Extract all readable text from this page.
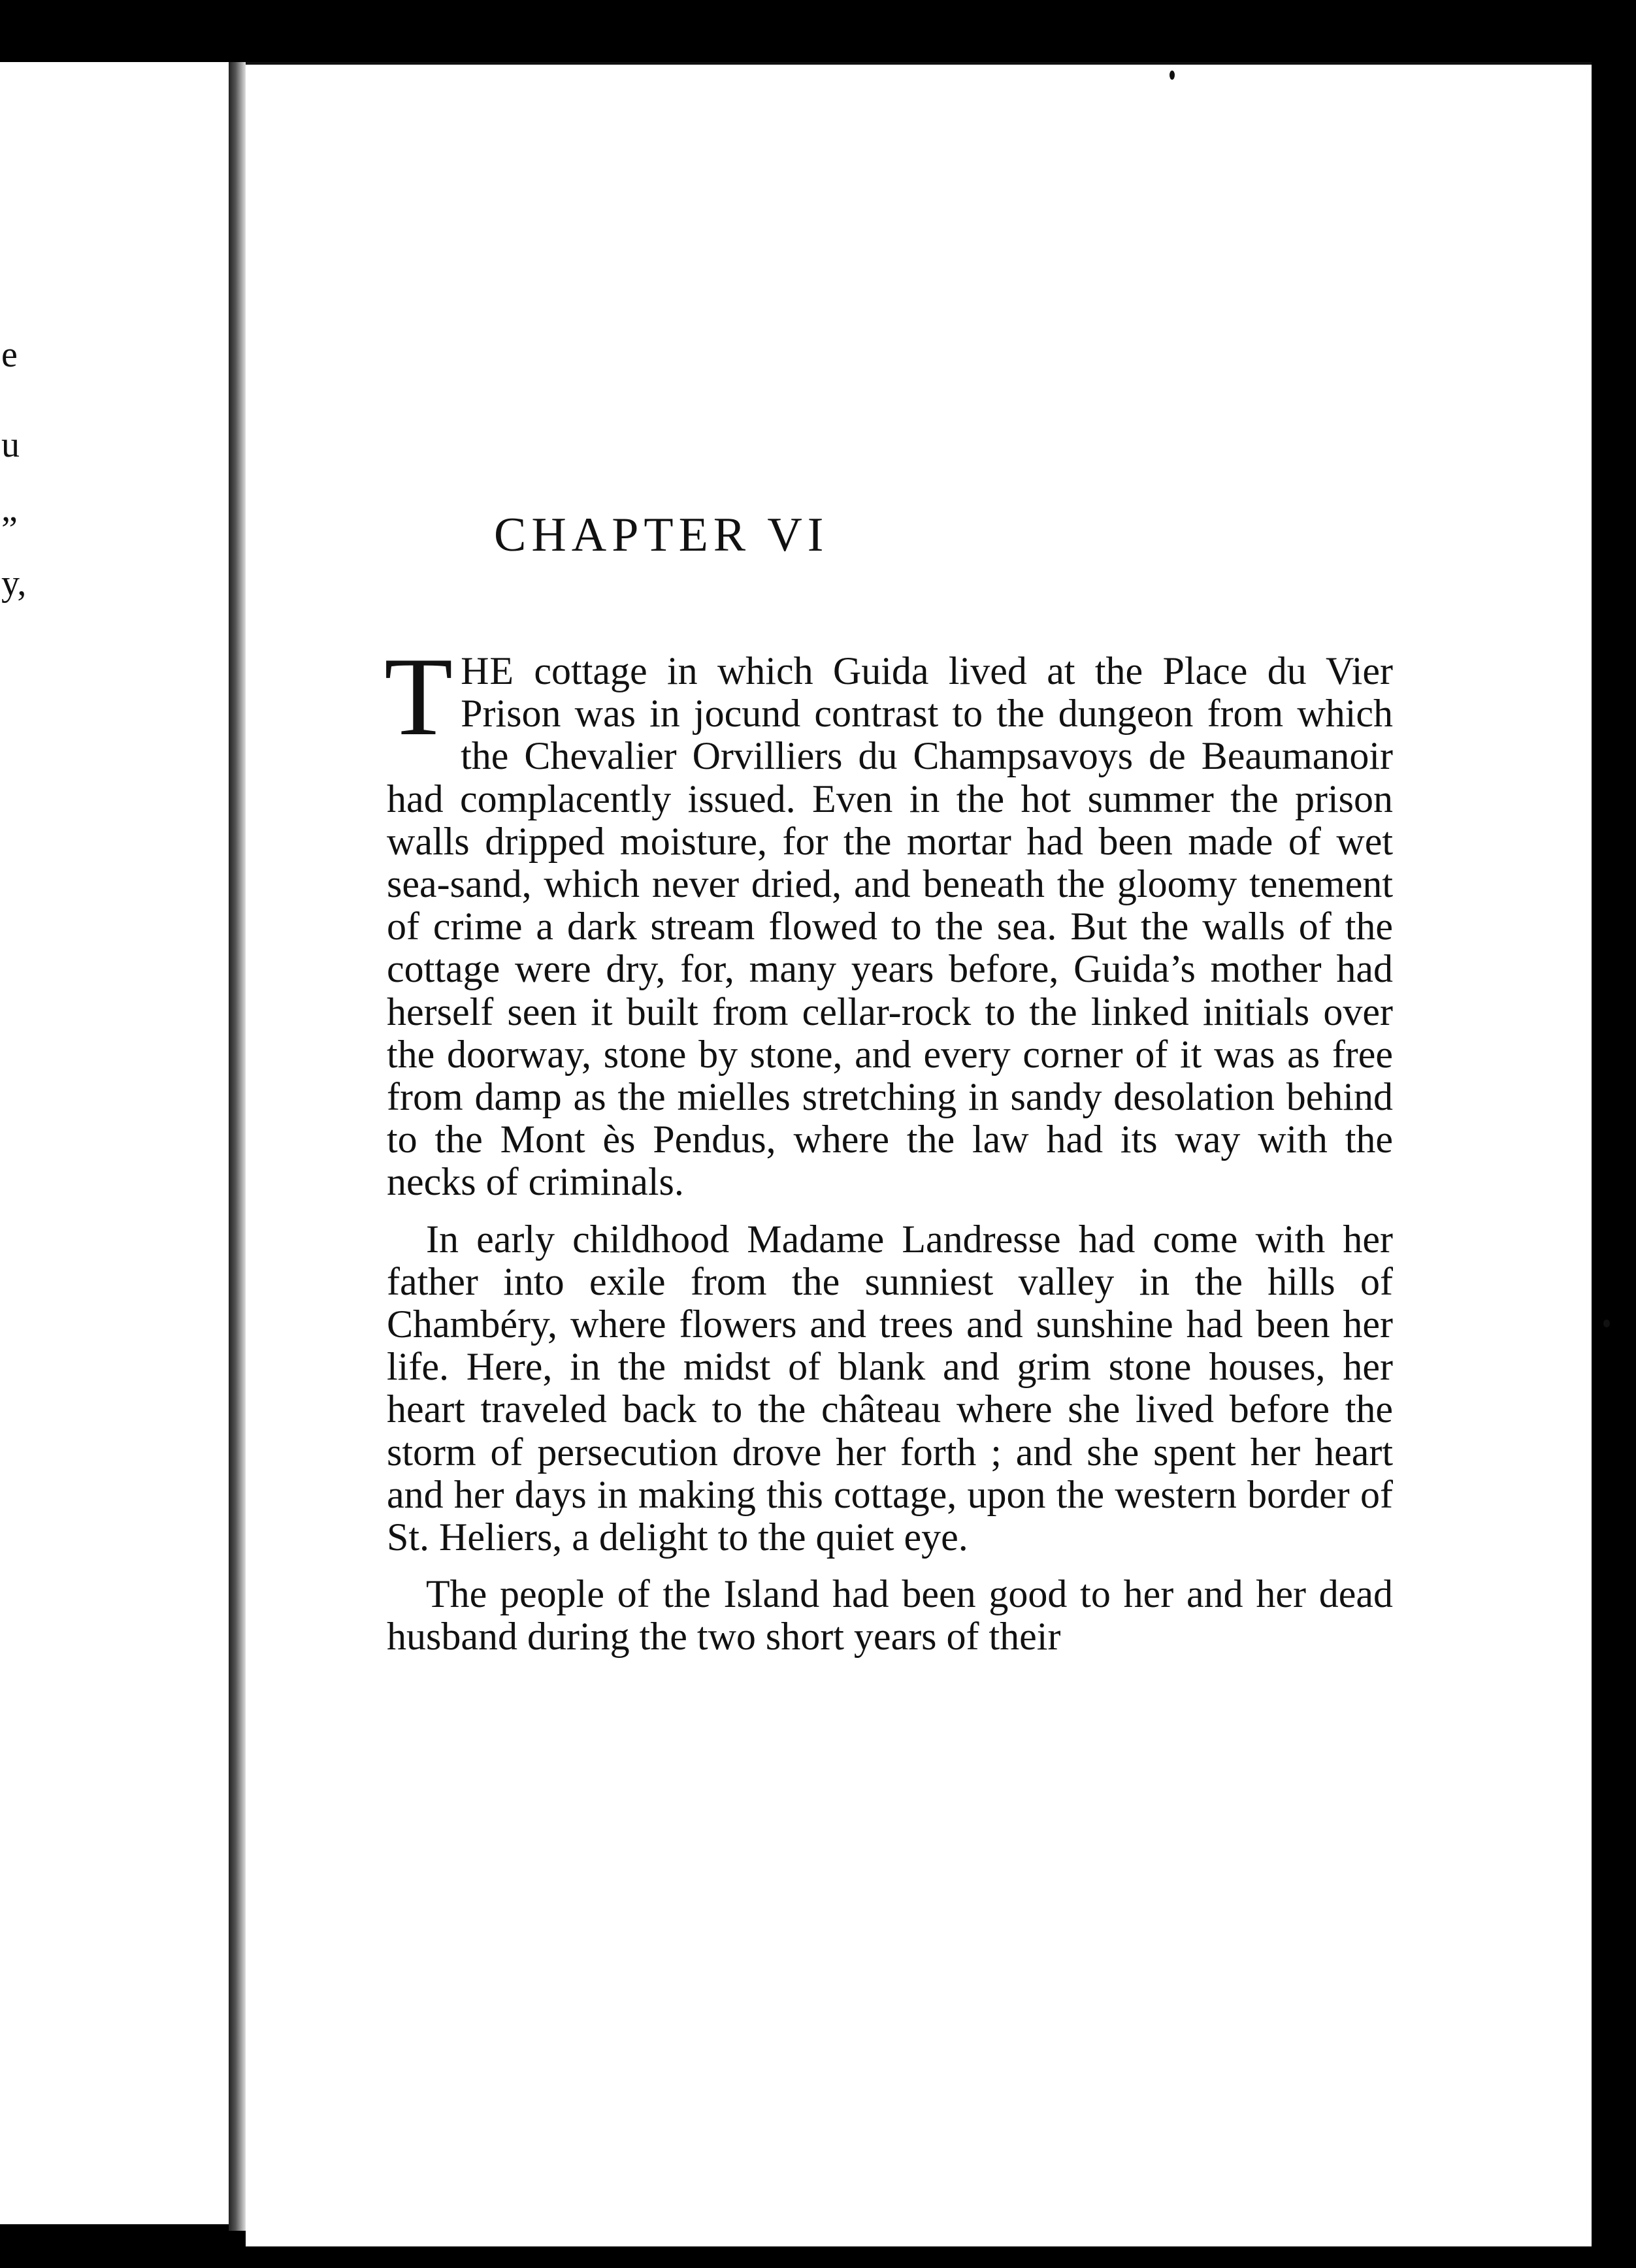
e
u
”
y,
CHAPTER VI

THE cottage in which Guida lived at the Place du Vier Prison was in jocund contrast to the dungeon from which the Chevalier Orvilliers du Champsavoys de Beaumanoir had complacently issued. Even in the hot summer the prison walls dripped moisture, for the mortar had been made of wet sea-sand, which never dried, and beneath the gloomy tenement of crime a dark stream flowed to the sea. But the walls of the cottage were dry, for, many years before, Guida’s mother had herself seen it built from cellar-rock to the linked initials over the doorway, stone by stone, and every corner of it was as free from damp as the mielles stretching in sandy desolation behind to the Mont ès Pendus, where the law had its way with the necks of criminals.

In early childhood Madame Landresse had come with her father into exile from the sunniest valley in the hills of Chambéry, where flowers and trees and sunshine had been her life. Here, in the midst of blank and grim stone houses, her heart traveled back to the château where she lived before the storm of persecution drove her forth ; and she spent her heart and her days in making this cottage, upon the western border of St. Heliers, a delight to the quiet eye.

The people of the Island had been good to her and her dead husband during the two short years of their
